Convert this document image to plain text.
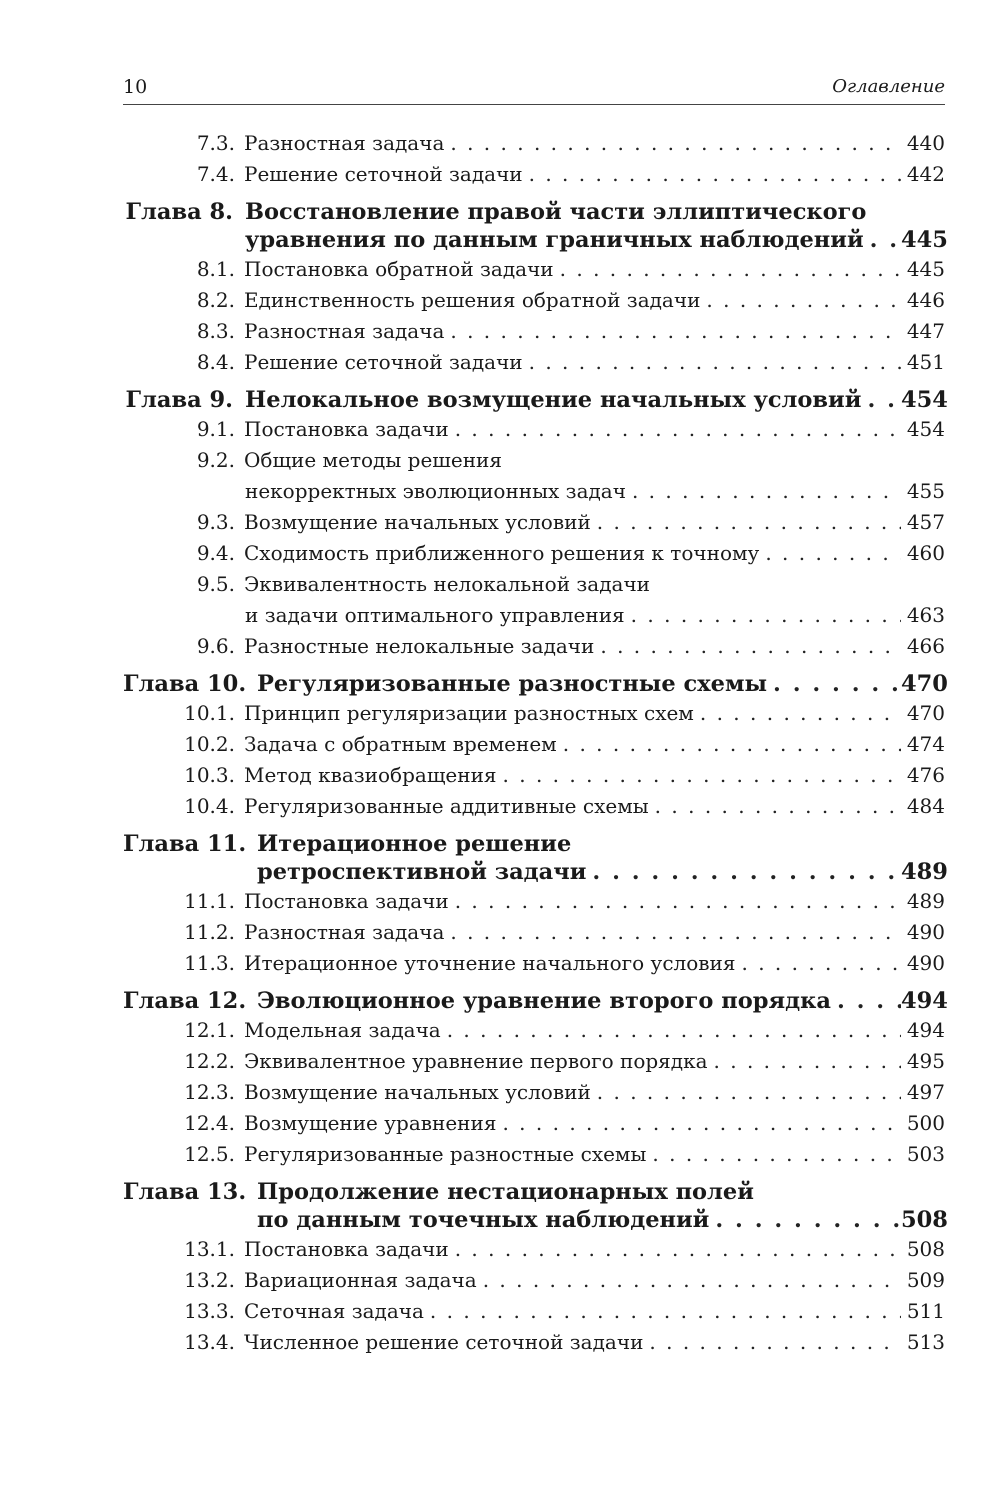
10	Оглавление
7.3. Разностная задача . . .	440
7.4. Решение сеточной задачи . . .	442
Глава 8. Восстановление правой части эллиптического
уравнения по данным граничных наблюдений . . . 445
8.1. Постановка обратной задачи . . .	445
8.2. Единственность решения обратной задачи . . .	446
8.3. Разностная задача . . .	447
8.4. Решение сеточной задачи . . .	451
Глава 9. Нелокальное возмущение начальных условий . . . 454
9.1. Постановка задачи . . .	454
9.2. Общие методы решения
некорректных эволюционных задач . . .	455
9.3. Возмущение начальных условий . . .	457
9.4. Сходимость приближенного решения к точному . . .	460
9.5. Эквивалентность нелокальной задачи
и задачи оптимального управления . . .	463
9.6. Разностные нелокальные задачи . . .	466
Глава 10. Регуляризованные разностные схемы . . .	470
10.1. Принцип регуляризации разностных схем . . .	470
10.2. Задача с обратным временем . . .	474
10.3. Метод квазиобращения . . .	476
10.4. Регуляризованные аддитивные схемы . . .	484
Глава 11. Итерационное решение
ретроспективной задачи . . .	489
11.1. Постановка задачи . . .	489
11.2. Разностная задача . . .	490
11.3. Итерационное уточнение начального условия . . .	490
Глава 12. Эволюционное уравнение второго порядка . . .	494
12.1. Модельная задача . . .	494
12.2. Эквивалентное уравнение первого порядка . . .	495
12.3. Возмущение начальных условий . . .	497
12.4. Возмущение уравнения . . .	500
12.5. Регуляризованные разностные схемы . . .	503
Глава 13. Продолжение нестационарных полей
по данным точечных наблюдений . . .	508
13.1. Постановка задачи . . .	508
13.2. Вариационная задача . . .	509
13.3. Сеточная задача . . .	511
13.4. Численное решение сеточной задачи . . .	513
